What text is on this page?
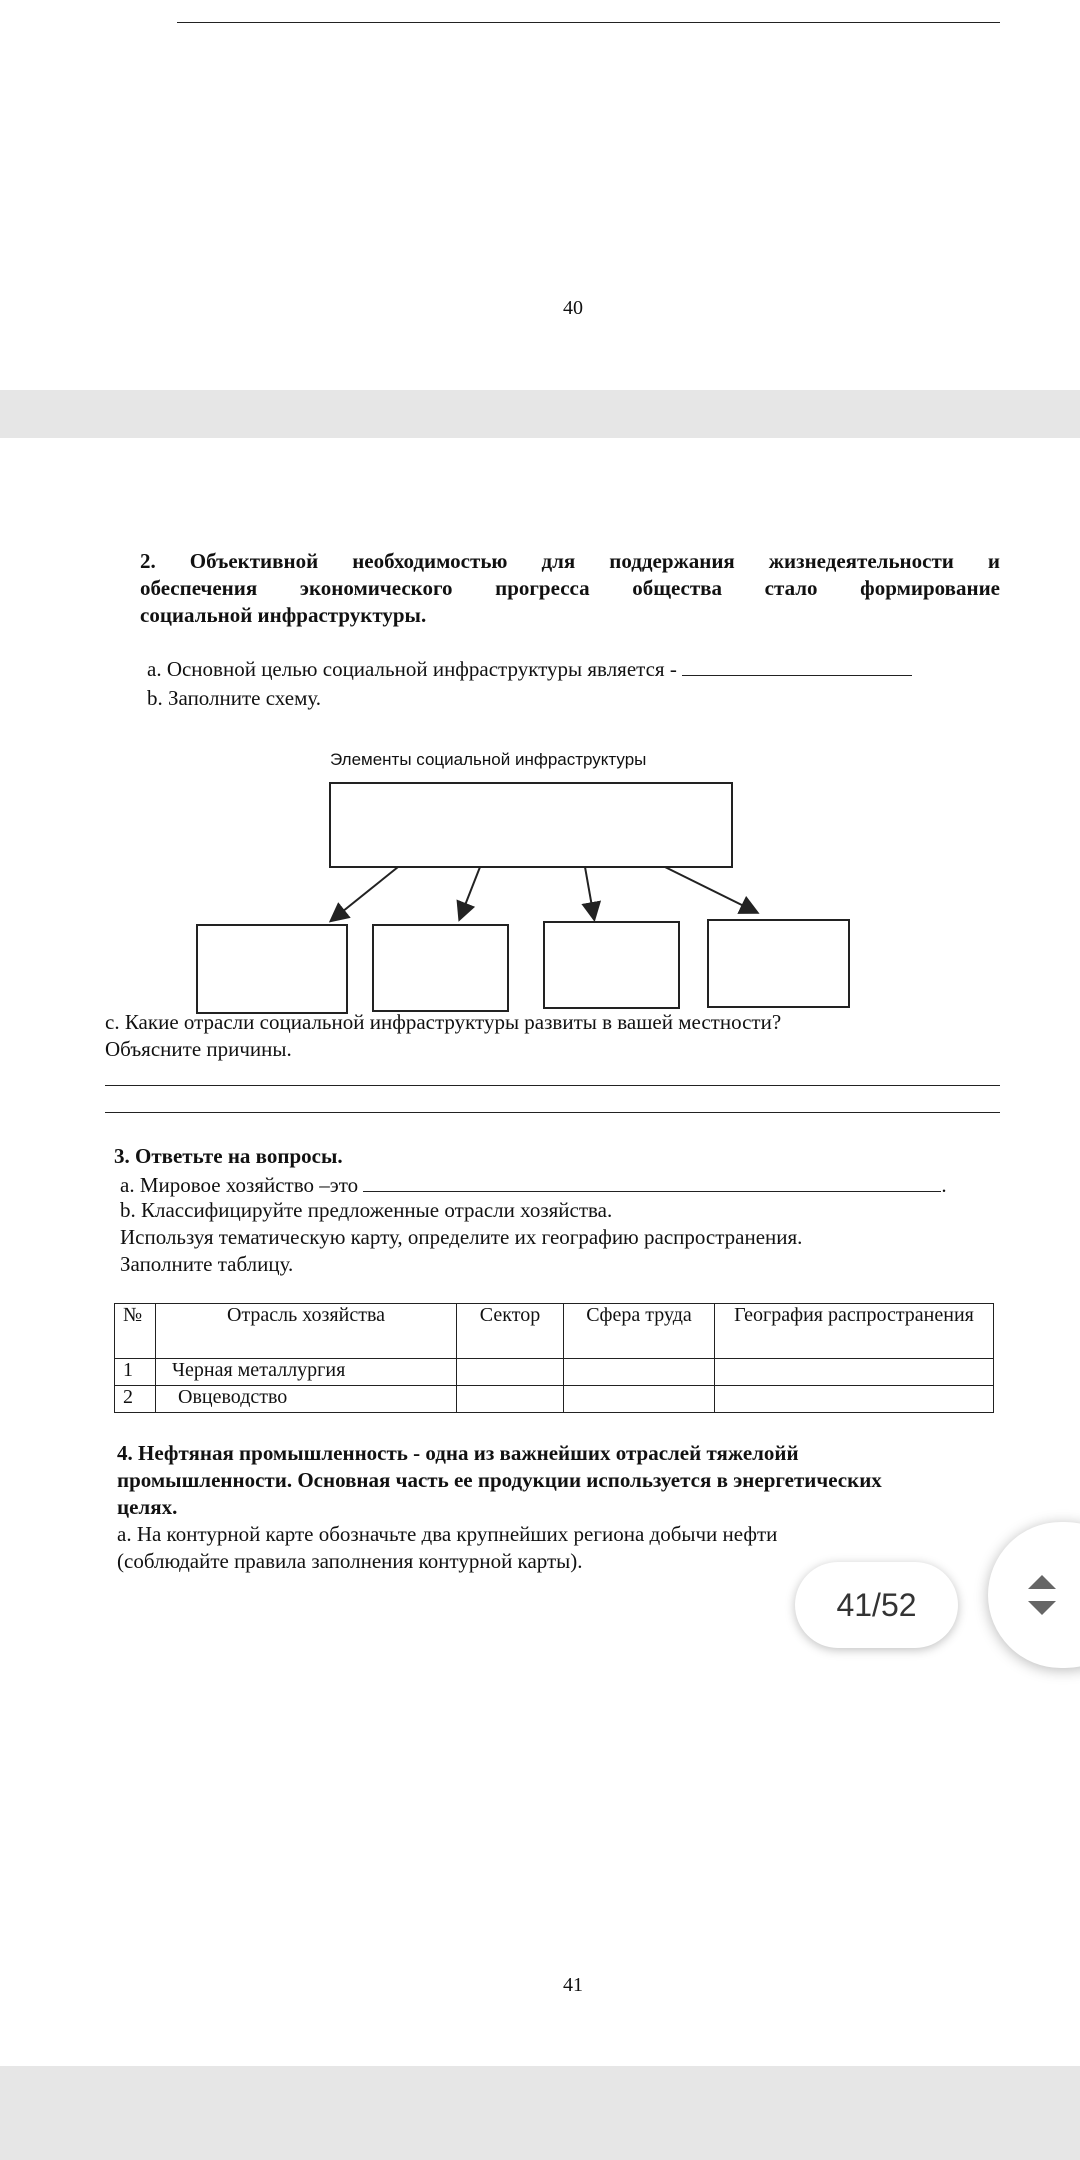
40
2. Объективной необходимостью для поддержания жизнедеятельности и
обеспечения экономического прогресса общества стало формирование
социальной инфраструктуры.
a. Основной целью социальной инфраструктуры является -
b. Заполните схему.
Элементы социальной инфраструктуры
c. Какие отрасли социальной инфраструктуры развиты в вашей местности?
Объясните причины.
3. Ответьте на вопросы.
a. Мировое хозяйство –это	.
b. Классифицируйте предложенные отрасли хозяйства.
Используя тематическую карту, определите их географию распространения.
Заполните таблицу.
№	Отрасль хозяйства	Сектор	Сфера труда	География распространения
1	Черная металлургия			
2	Овцеводство			
4. Нефтяная промышленность - одна из важнейших отраслей тяжелойй
промышленности. Основная часть ее продукции используется в энергетических
целях.
a. На контурной карте обозначьте два крупнейших региона добычи нефти
(соблюдайте правила заполнения контурной карты).
41
41/52
